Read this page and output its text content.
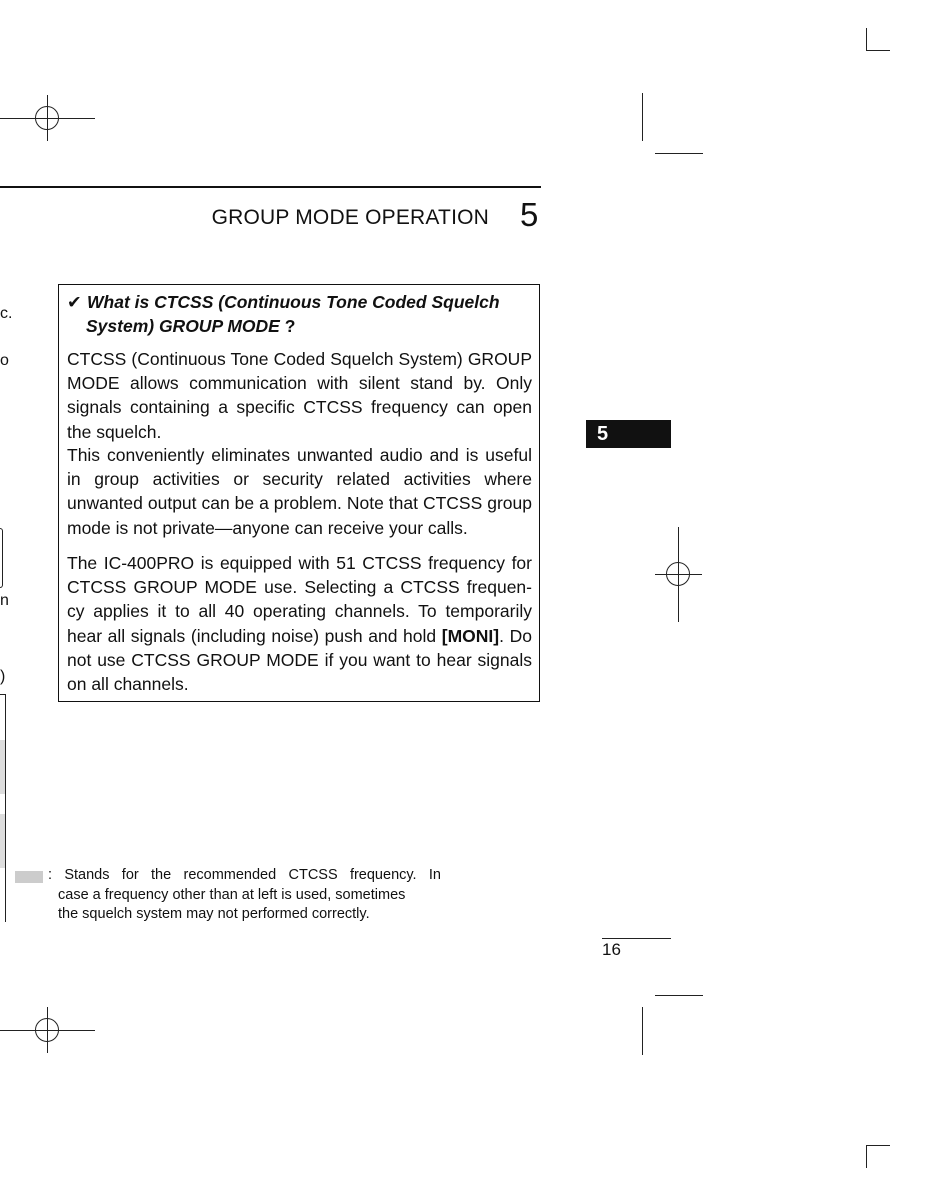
GROUP MODE OPERATION 5
c.
o
n
)
✔ What is CTCSS (Continuous Tone Coded Squelch
System) GROUP MODE ?

CTCSS (Continuous Tone Coded Squelch System) GROUP MODE allows communication with silent stand by. Only signals containing a specific CTCSS frequency can open the squelch.

This conveniently eliminates unwanted audio and is useful in group activities or security related activities where unwanted output can be a problem. Note that CTCSS group mode is not private—anyone can receive your calls.

The IC-400PRO is equipped with 51 CTCSS frequency for CTCSS GROUP MODE use. Selecting a CTCSS frequen-cy applies it to all 40 operating channels. To temporarily hear all signals (including noise) push and hold [MONI]. Do not use CTCSS GROUP MODE if you want to hear signals on all channels.

5
: Stands for the recommended CTCSS frequency. In
case a frequency other than at left is used, sometimes
the squelch system may not performed correctly.
16
